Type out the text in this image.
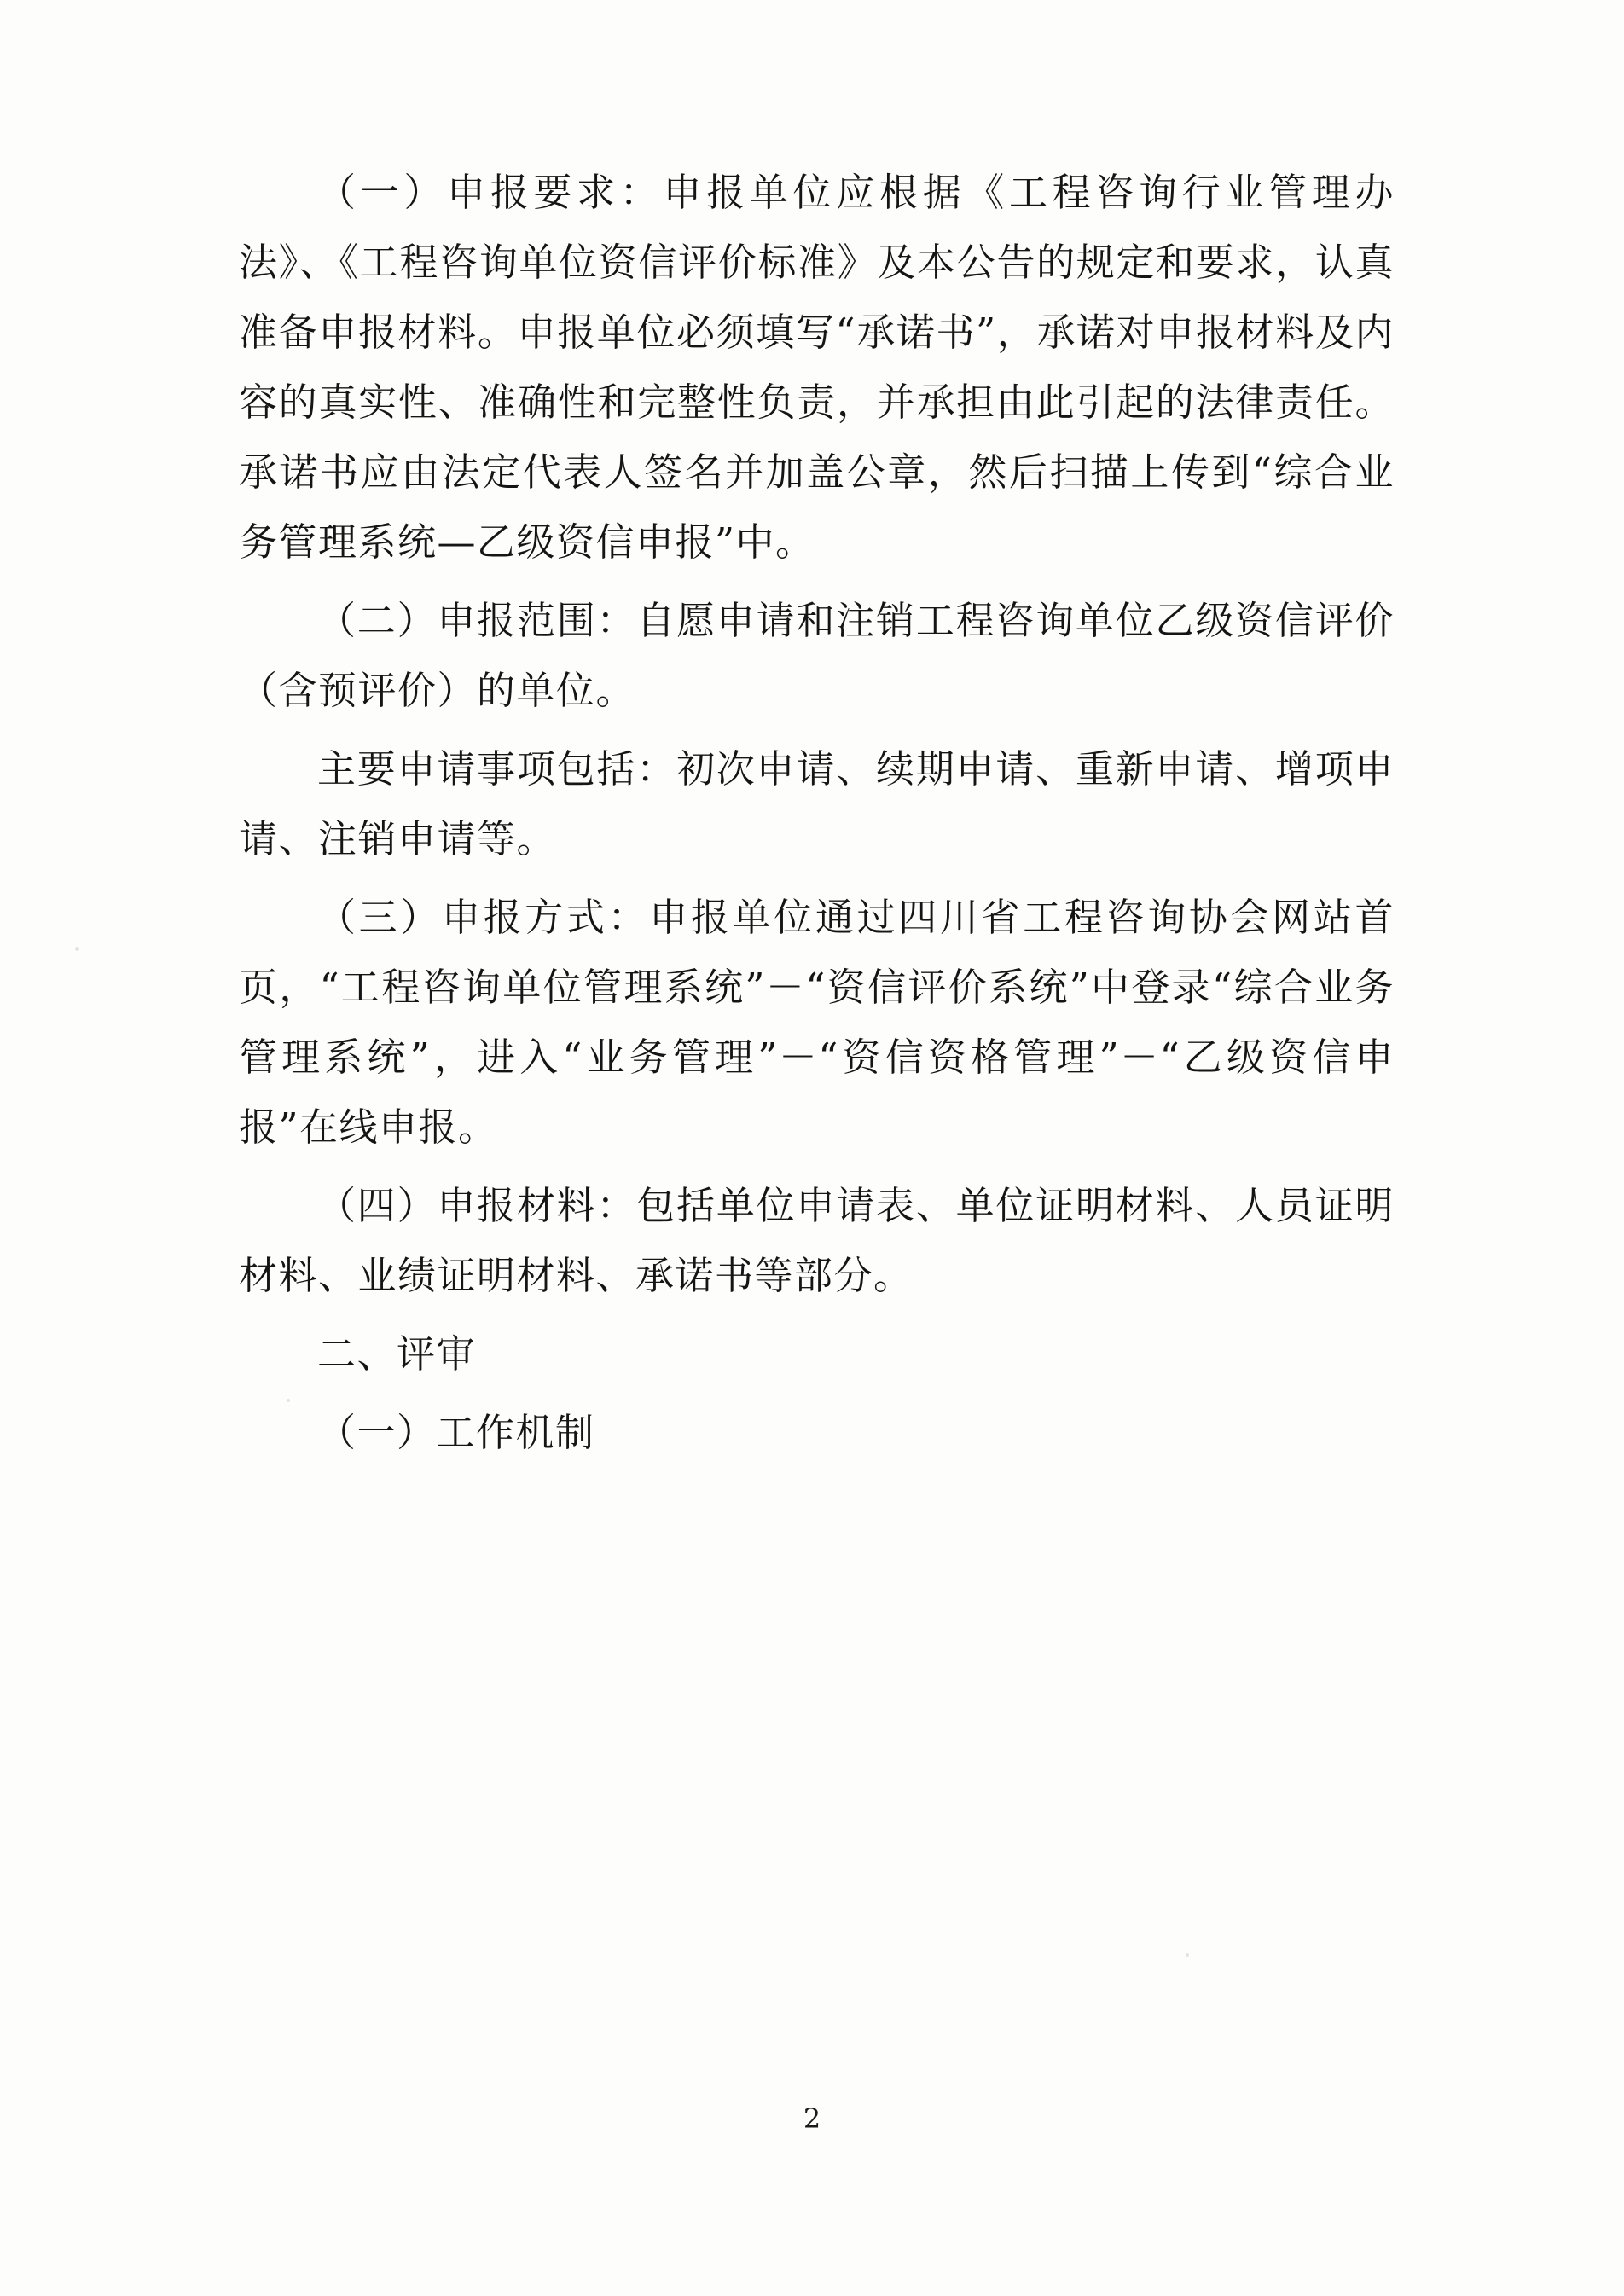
（一）申报要求：申报单位应根据《工程咨询行业管理办法》、《工程咨询单位资信评价标准》及本公告的规定和要求，认真准备申报材料。申报单位必须填写“承诺书”，承诺对申报材料及内容的真实性、准确性和完整性负责，并承担由此引起的法律责任。承诺书应由法定代表人签名并加盖公章，然后扫描上传到“综合业务管理系统—乙级资信申报”中。

（二）申报范围：自愿申请和注销工程咨询单位乙级资信评价（含预评价）的单位。

主要申请事项包括：初次申请、续期申请、重新申请、增项申请、注销申请等。

（三）申报方式：申报单位通过四川省工程咨询协会网站首页，“工程咨询单位管理系统”－“资信评价系统”中登录“综合业务管理系统”，进入“业务管理”－“资信资格管理”－“乙级资信申报”在线申报。

（四）申报材料：包括单位申请表、单位证明材料、人员证明材料、业绩证明材料、承诺书等部分。

二、评审

（一）工作机制

2
